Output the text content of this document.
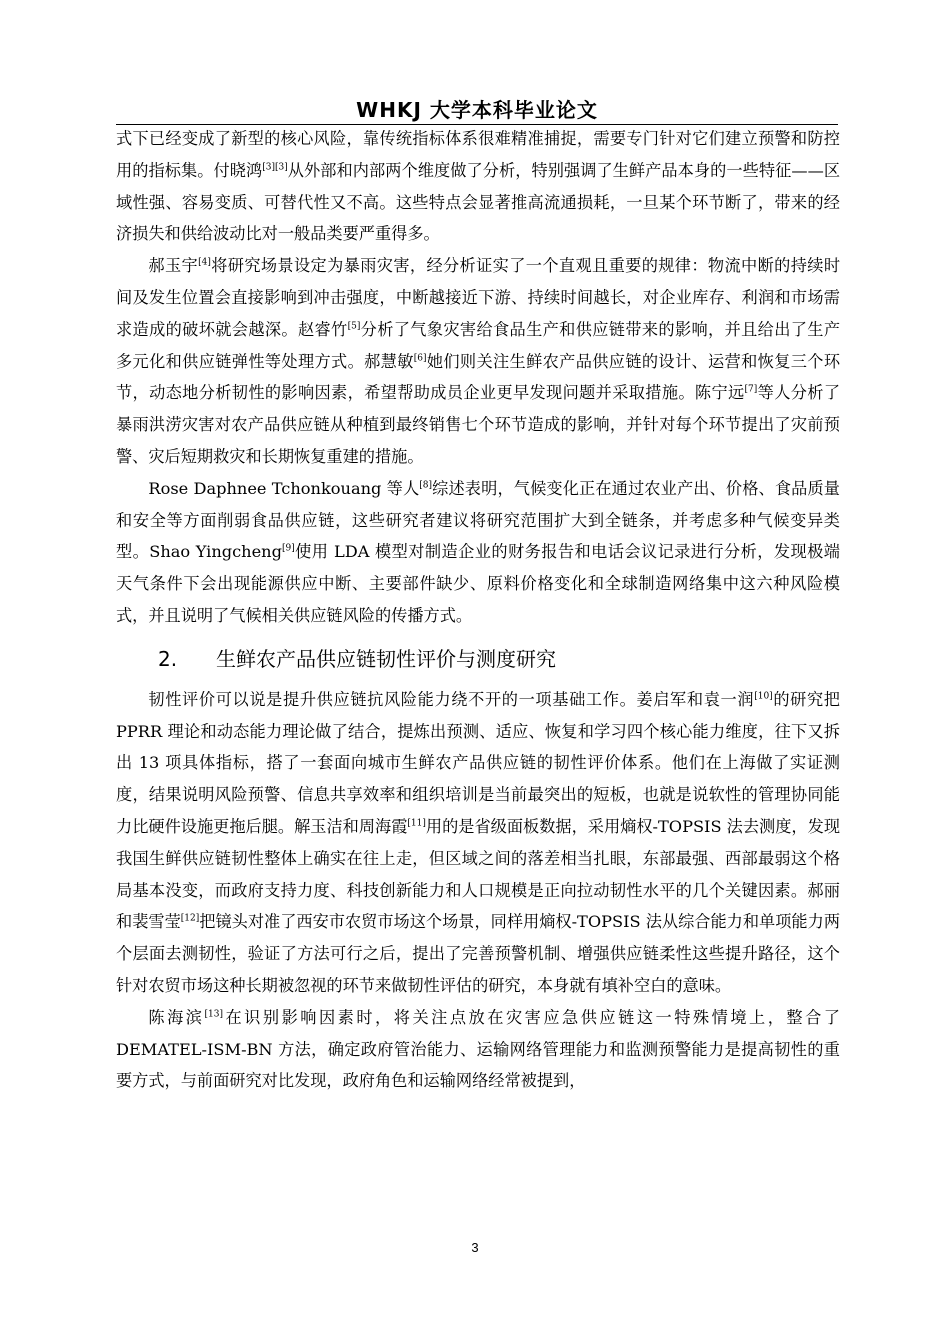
WHKJ 大学本科毕业论文

式下已经变成了新型的核心风险，靠传统指标体系很难精准捕捉，需要专门针对它们建立预警和防控用的指标集。付晓鸿[3][3]从外部和内部两个维度做了分析，特别强调了生鲜产品本身的一些特征——区域性强、容易变质、可替代性又不高。这些特点会显著推高流通损耗，一旦某个环节断了，带来的经济损失和供给波动比对一般品类要严重得多。

郝玉宇[4]将研究场景设定为暴雨灾害，经分析证实了一个直观且重要的规律：物流中断的持续时间及发生位置会直接影响到冲击强度，中断越接近下游、持续时间越长，对企业库存、利润和市场需求造成的破坏就会越深。赵睿竹[5]分析了气象灾害给食品生产和供应链带来的影响，并且给出了生产多元化和供应链弹性等处理方式。郝慧敏[6]她们则关注生鲜农产品供应链的设计、运营和恢复三个环节，动态地分析韧性的影响因素，希望帮助成员企业更早发现问题并采取措施。陈宁远[7]等人分析了暴雨洪涝灾害对农产品供应链从种植到最终销售七个环节造成的影响，并针对每个环节提出了灾前预警、灾后短期救灾和长期恢复重建的措施。

Rose Daphnee Tchonkouang 等人[8]综述表明，气候变化正在通过农业产出、价格、食品质量和安全等方面削弱食品供应链，这些研究者建议将研究范围扩大到全链条，并考虑多种气候变异类型。Shao Yingcheng[9]使用 LDA 模型对制造企业的财务报告和电话会议记录进行分析，发现极端天气条件下会出现能源供应中断、主要部件缺少、原料价格变化和全球制造网络集中这六种风险模式，并且说明了气候相关供应链风险的传播方式。

2. 生鲜农产品供应链韧性评价与测度研究

韧性评价可以说是提升供应链抗风险能力绕不开的一项基础工作。姜启军和袁一润[10]的研究把 PPRR 理论和动态能力理论做了结合，提炼出预测、适应、恢复和学习四个核心能力维度，往下又拆出 13 项具体指标，搭了一套面向城市生鲜农产品供应链的韧性评价体系。他们在上海做了实证测度，结果说明风险预警、信息共享效率和组织培训是当前最突出的短板，也就是说软性的管理协同能力比硬件设施更拖后腿。解玉洁和周海霞[11]用的是省级面板数据，采用熵权-TOPSIS 法去测度，发现我国生鲜供应链韧性整体上确实在往上走，但区域之间的落差相当扎眼，东部最强、西部最弱这个格局基本没变，而政府支持力度、科技创新能力和人口规模是正向拉动韧性水平的几个关键因素。郝丽和裴雪莹[12]把镜头对准了西安市农贸市场这个场景，同样用熵权-TOPSIS 法从综合能力和单项能力两个层面去测韧性，验证了方法可行之后，提出了完善预警机制、增强供应链柔性这些提升路径，这个针对农贸市场这种长期被忽视的环节来做韧性评估的研究，本身就有填补空白的意味。

陈海滨[13]在识别影响因素时，将关注点放在灾害应急供应链这一特殊情境上，整合了 DEMATEL-ISM-BN 方法，确定政府管治能力、运输网络管理能力和监测预警能力是提高韧性的重要方式，与前面研究对比发现，政府角色和运输网络经常被提到，

3
